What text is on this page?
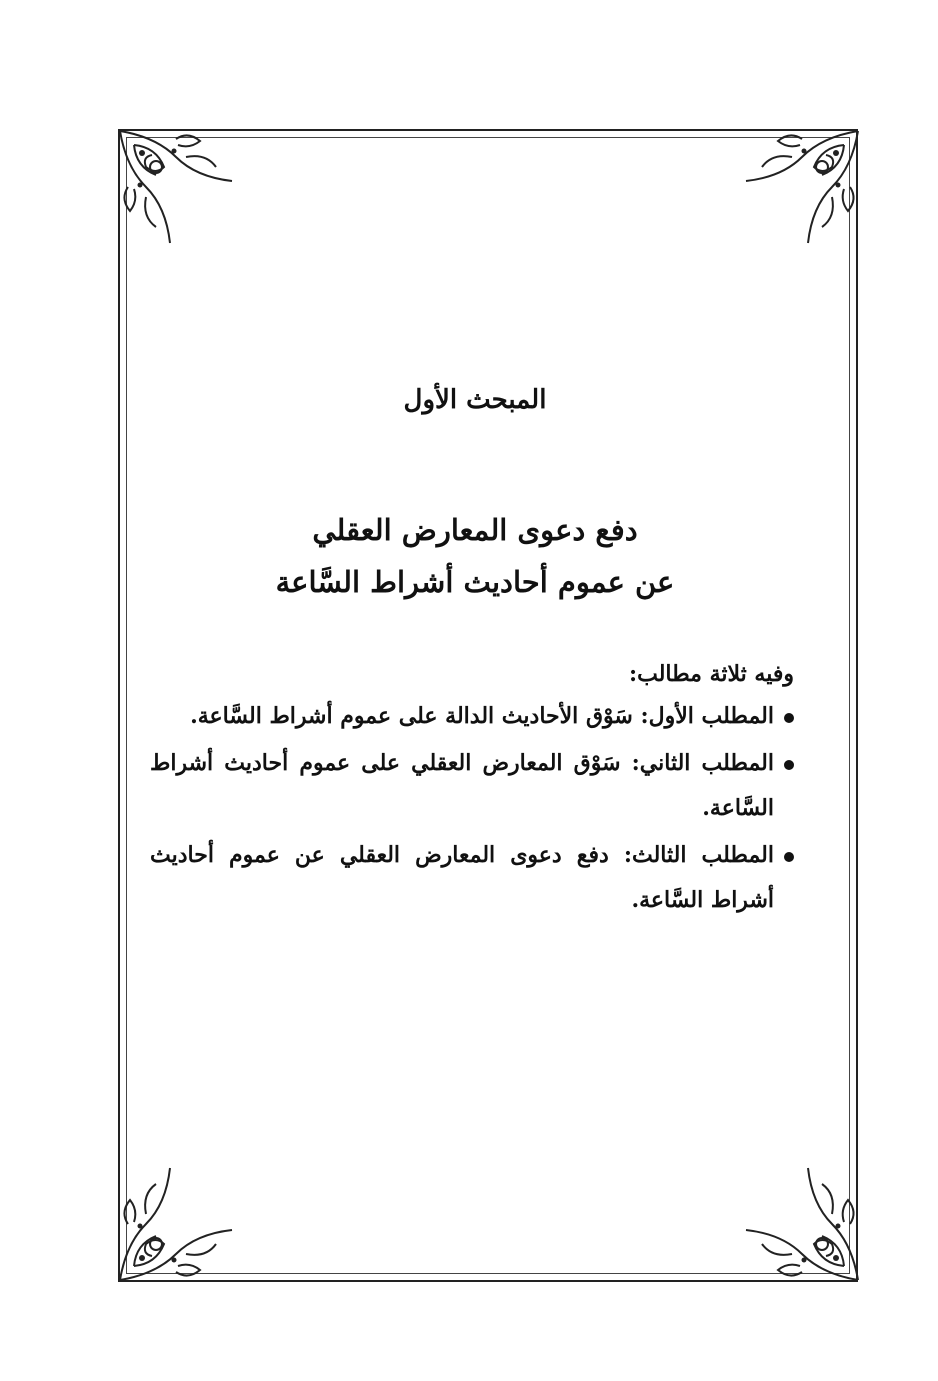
المبحث الأول
دفع دعوى المعارض العقلي
عن عموم أحاديث أشراط السَّاعة

وفيه ثلاثة مطالب:

المطلب الأول: سَوْق الأحاديث الدالة على عموم أشراط السَّاعة.
المطلب الثاني: سَوْق المعارض العقلي على عموم أحاديث أشراط السَّاعة.
المطلب الثالث: دفع دعوى المعارض العقلي عن عموم أحاديث أشراط السَّاعة.
